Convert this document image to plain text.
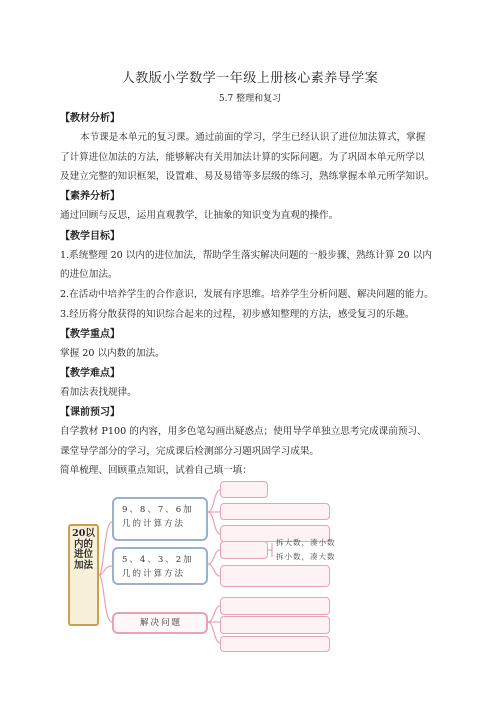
人教版小学数学一年级上册核心素养导学案
5.7 整理和复习
【教材分析】
本节课是本单元的复习课。通过前面的学习，学生已经认识了进位加法算式，掌握
了计算进位加法的方法，能够解决有关用加法计算的实际问题。为了巩固本单元所学以
及建立完整的知识框架，设置难、易及易错等多层级的练习，熟练掌握本单元所学知识。
【素养分析】
通过回顾与反思，运用直观教学，让抽象的知识变为直观的操作。
【教学目标】
1.系统整理 20 以内的进位加法，帮助学生落实解决问题的一般步骤，熟练计算 20 以内
的进位加法。
2.在活动中培养学生的合作意识，发展有序思维。培养学生分析问题、解决问题的能力。
3.经历将分散获得的知识综合起来的过程，初步感知整理的方法，感受复习的乐趣。
【教学重点】
掌握 20 以内数的加法。
【教学难点】
看加法表找规律。
【课前预习】
自学教材 P100 的内容，用多色笔勾画出疑惑点；使用导学单独立思考完成课前预习、
课堂导学部分的学习，完成课后检测部分习题巩固学习成果。
简单梳理、回顾重点知识，试着自己填一填：
20以内的进位加法
9、8、7、6加几的计算方法
5、4、3、2加几的计算方法
解决问题
拆大数，凑小数
拆小数，凑大数
